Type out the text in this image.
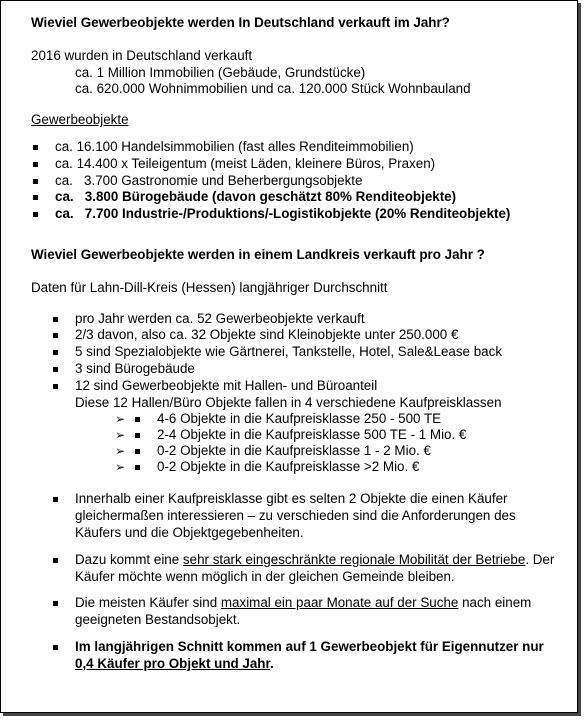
Wieviel Gewerbeobjekte werden In Deutschland verkauft im Jahr?
2016 wurden in Deutschland verkauft
ca. 1 Million Immobilien (Gebäude, Grundstücke)
ca. 620.000 Wohnimmobilien und ca. 120.000 Stück Wohnbauland
Gewerbeobjekte
ca. 16.100 Handelsimmobilien (fast alles Renditeimmobilien)
ca. 14.400 x Teileigentum (meist Läden, kleinere Büros, Praxen)
ca.   3.700 Gastronomie und Beherbergungsobjekte
ca.   3.800 Bürogebäude (davon geschätzt 80% Renditeobjekte)
ca.   7.700 Industrie-/Produktions/-Logistikobjekte (20% Renditeobjekte)
Wieviel Gewerbeobjekte werden in einem Landkreis verkauft pro Jahr ?
Daten für Lahn-Dill-Kreis (Hessen) langjähriger Durchschnitt
pro Jahr werden ca. 52 Gewerbeobjekte verkauft
2/3 davon, also ca. 32 Objekte sind Kleinobjekte unter 250.000 €
5 sind Spezialobjekte wie Gärtnerei, Tankstelle, Hotel, Sale&Lease back
3 sind Bürogebäude
12 sind Gewerbeobjekte mit Hallen- und Büroanteil
Diese 12 Hallen/Büro Objekte fallen in 4 verschiedene Kaufpreisklassen
➢ 4-6 Objekte in die Kaufpreisklasse 250 - 500 TE
➢ 2-4 Objekte in die Kaufpreisklasse 500 TE - 1 Mio. €
➢ 0-2 Objekte in die Kaufpreisklasse 1 - 2 Mio. €
➢ 0-2 Objekte in die Kaufpreisklasse >2 Mio. €
Innerhalb einer Kaufpreisklasse gibt es selten 2 Objekte die einen Käufer gleichermaßen interessieren – zu verschieden sind die Anforderungen des Käufers und die Objektgegebenheiten.
Dazu kommt eine sehr stark eingeschränkte regionale Mobilität der Betriebe. Der Käufer möchte wenn möglich in der gleichen Gemeinde bleiben.
Die meisten Käufer sind maximal ein paar Monate auf der Suche nach einem geeigneten Bestandsobjekt.
Im langjährigen Schnitt kommen auf 1 Gewerbeobjekt für Eigennutzer nur 0,4 Käufer pro Objekt und Jahr.
